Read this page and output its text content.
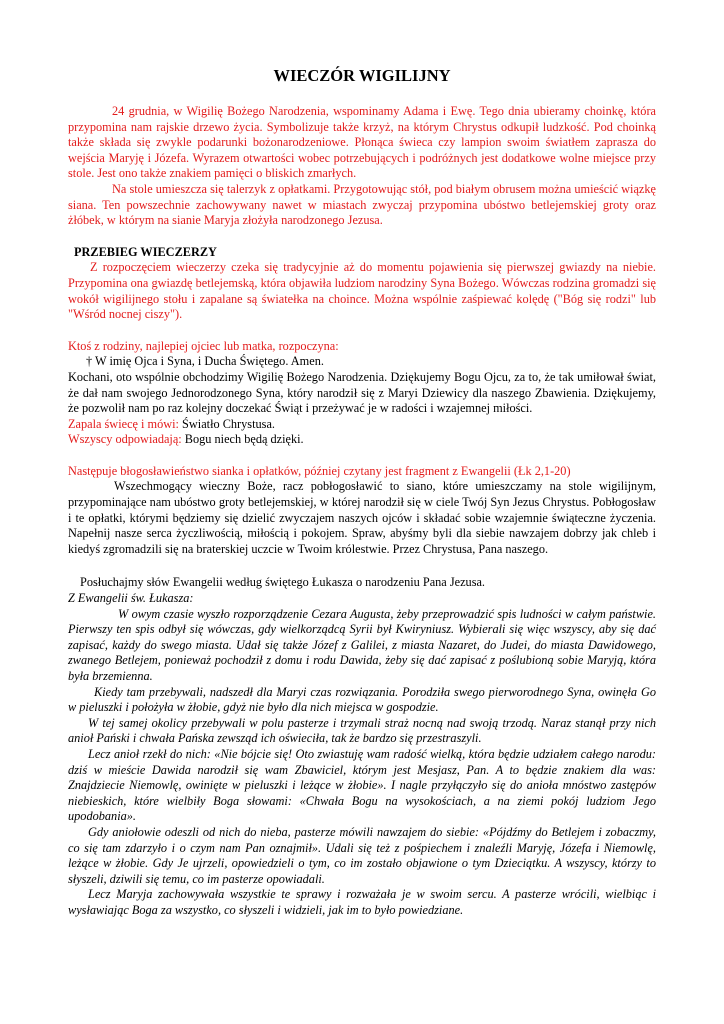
WIECZÓR WIGILIJNY

24 grudnia, w Wigilię Bożego Narodzenia, wspominamy Adama i Ewę. Tego dnia ubieramy choinkę, która przypomina nam rajskie drzewo życia. Symbolizuje także krzyż, na którym Chrystus odkupił ludzkość. Pod choinką także składa się zwykle podarunki bożonarodzeniowe. Płonąca świeca czy lampion swoim światłem zaprasza do wejścia Maryję i Józefa. Wyrazem otwartości wobec potrzebujących i podróżnych jest dodatkowe wolne miejsce przy stole. Jest ono także znakiem pamięci o bliskich zmarłych.

Na stole umieszcza się talerzyk z opłatkami. Przygotowując stół, pod białym obrusem można umieścić wiązkę siana. Ten powszechnie zachowywany nawet w miastach zwyczaj przypomina ubóstwo betlejemskiej groty oraz żłóbek, w którym na sianie Maryja złożyła narodzonego Jezusa.

PRZEBIEG WIECZERZY

Z rozpoczęciem wieczerzy czeka się tradycyjnie aż do momentu pojawienia się pierwszej gwiazdy na niebie. Przypomina ona gwiazdę betlejemską, która objawiła ludziom narodziny Syna Bożego. Wówczas rodzina gromadzi się wokół wigilijnego stołu i zapalane są światełka na choince. Można wspólnie zaśpiewać kolędę ("Bóg się rodzi" lub "Wśród nocnej ciszy").

Ktoś z rodziny, najlepiej ojciec lub matka, rozpoczyna:

† W imię Ojca i Syna, i Ducha Świętego. Amen.

Kochani, oto wspólnie obchodzimy Wigilię Bożego Narodzenia. Dziękujemy Bogu Ojcu, za to, że tak umiłował świat, że dał nam swojego Jednorodzonego Syna, który narodził się z Maryi Dziewicy dla naszego Zbawienia. Dziękujemy, że pozwolił nam po raz kolejny doczekać Świąt i przeżywać je w radości i wzajemnej miłości.

Zapala świecę i mówi: Światło Chrystusa.

Wszyscy odpowiadają: Bogu niech będą dzięki.

Następuje błogosławieństwo sianka i opłatków, później czytany jest fragment z Ewangelii (Łk 2,1-20)

Wszechmogący wieczny Boże, racz pobłogosławić to siano, które umieszczamy na stole wigilijnym, przypominające nam ubóstwo groty betlejemskiej, w której narodził się w ciele Twój Syn Jezus Chrystus. Pobłogosław i te opłatki, którymi będziemy się dzielić zwyczajem naszych ojców i składać sobie wzajemnie świąteczne życzenia. Napełnij nasze serca życzliwością, miłością i pokojem. Spraw, abyśmy byli dla siebie nawzajem dobrzy jak chleb i kiedyś zgromadzili się na braterskiej uczcie w Twoim królestwie. Przez Chrystusa, Pana naszego.

Posłuchajmy słów Ewangelii według świętego Łukasza o narodzeniu Pana Jezusa.

Z Ewangelii św. Łukasza:

W owym czasie wyszło rozporządzenie Cezara Augusta, żeby przeprowadzić spis ludności w całym państwie. Pierwszy ten spis odbył się wówczas, gdy wielkorządcą Syrii był Kwiryniusz. Wybierali się więc wszyscy, aby się dać zapisać, każdy do swego miasta. Udał się także Józef z Galilei, z miasta Nazaret, do Judei, do miasta Dawidowego, zwanego Betlejem, ponieważ pochodził z domu i rodu Dawida, żeby się dać zapisać z poślubioną sobie Maryją, która była brzemienna.

Kiedy tam przebywali, nadszedł dla Maryi czas rozwiązania. Porodziła swego pierworodnego Syna, owinęła Go w pieluszki i położyła w żłobie, gdyż nie było dla nich miejsca w gospodzie.

W tej samej okolicy przebywali w polu pasterze i trzymali straż nocną nad swoją trzodą. Naraz stanął przy nich anioł Pański i chwała Pańska zewsząd ich oświeciła, tak że bardzo się przestraszyli.

Lecz anioł rzekł do nich: «Nie bójcie się! Oto zwiastuję wam radość wielką, która będzie udziałem całego narodu: dziś w mieście Dawida narodził się wam Zbawiciel, którym jest Mesjasz, Pan. A to będzie znakiem dla was: Znajdziecie Niemowlę, owinięte w pieluszki i leżące w żłobie». I nagle przyłączyło się do anioła mnóstwo zastępów niebieskich, które wielbiły Boga słowami: «Chwała Bogu na wysokościach, a na ziemi pokój ludziom Jego upodobania».

Gdy aniołowie odeszli od nich do nieba, pasterze mówili nawzajem do siebie: «Pójdźmy do Betlejem i zobaczmy, co się tam zdarzyło i o czym nam Pan oznajmił». Udali się też z pośpiechem i znaleźli Maryję, Józefa i Niemowlę, leżące w żłobie. Gdy Je ujrzeli, opowiedzieli o tym, co im zostało objawione o tym Dzieciątku. A wszyscy, którzy to słyszeli, dziwili się temu, co im pasterze opowiadali.

Lecz Maryja zachowywała wszystkie te sprawy i rozważała je w swoim sercu. A pasterze wrócili, wielbiąc i wysławiając Boga za wszystko, co słyszeli i widzieli, jak im to było powiedziane.
